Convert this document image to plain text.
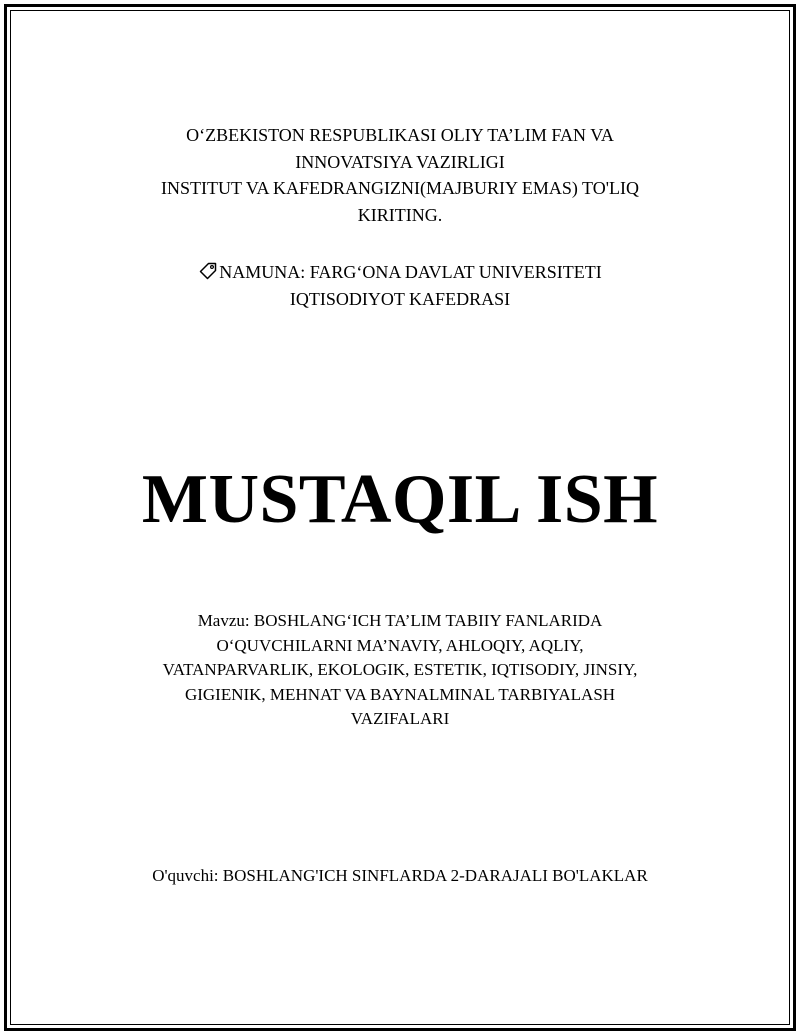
O‘ZBEKISTON RESPUBLIKASI OLIY TA’LIM FAN VA
INNOVATSIYA VAZIRLIGI
INSTITUT VA KAFEDRANGIZNI(MAJBURIY EMAS) TO'LIQ
KIRITING.
NAMUNA: FARG‘ONA DAVLAT UNIVERSITETI
IQTISODIYOT KAFEDRASI
MUSTAQIL ISH
Mavzu: BOSHLANG‘ICH TA’LIM TABIIY FANLARIDA
O‘QUVCHILARNI MA’NAVIY, AHLOQIY, AQLIY,
VATANPARVARLIK, EKOLOGIK, ESTETIK, IQTISODIY, JINSIY,
GIGIENIK, MEHNAT VA BAYNALMINAL TARBIYALASH
VAZIFALARI
O'quvchi: BOSHLANG'ICH SINFLARDA 2-DARAJALI BO'LAKLAR
